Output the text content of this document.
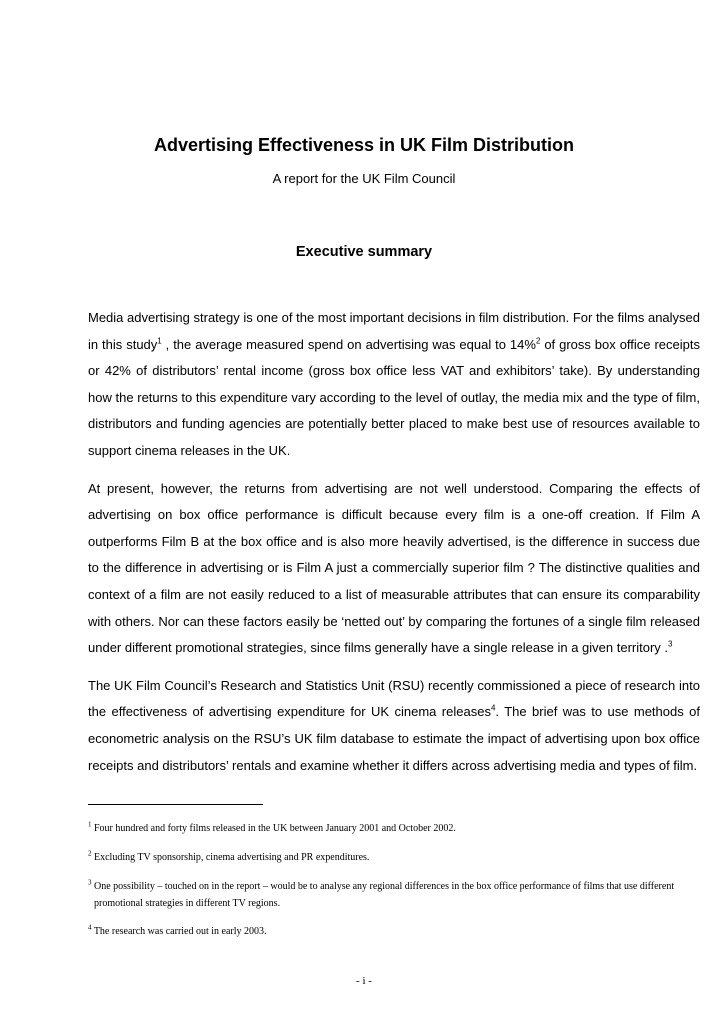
Advertising Effectiveness in UK Film Distribution
A report for the UK Film Council
Executive summary

Media advertising strategy is one of the most important decisions in film distribution. For the films analysed in this study$^1$ , the average measured spend on advertising was equal to 14%$^2$ of gross box office receipts or 42% of distributors’ rental income (gross box office less VAT and exhibitors’ take). By understanding how the returns to this expenditure vary according to the level of outlay, the media mix and the type of film, distributors and funding agencies are potentially better placed to make best use of resources available to support cinema releases in the UK.

At present, however, the returns from advertising are not well understood. Comparing the effects of advertising on box office performance is difficult because every film is a one-off creation. If Film A outperforms Film B at the box office and is also more heavily advertised, is the difference in success due to the difference in advertising or is Film A just a commercially superior film ? The distinctive qualities and context of a film are not easily reduced to a list of measurable attributes that can ensure its comparability with others. Nor can these factors easily be ‘netted out’ by comparing the fortunes of a single film released under different promotional strategies, since films generally have a single release in a given territory .$^3$

The UK Film Council’s Research and Statistics Unit (RSU) recently commissioned a piece of research into the effectiveness of advertising expenditure for UK cinema releases$^4$. The brief was to use methods of econometric analysis on the RSU’s UK film database to estimate the impact of advertising upon box office receipts and distributors’ rentals and examine whether it differs across advertising media and types of film.

$^1$ Four hundred and forty films released in the UK between January 2001 and October 2002.
$^2$ Excluding TV sponsorship, cinema advertising and PR expenditures.
$^3$ One possibility – touched on in the report – would be to analyse any regional differences in the box office performance of films that use different
promotional strategies in different TV regions.
$^4$ The research was carried out in early 2003.
- i -
